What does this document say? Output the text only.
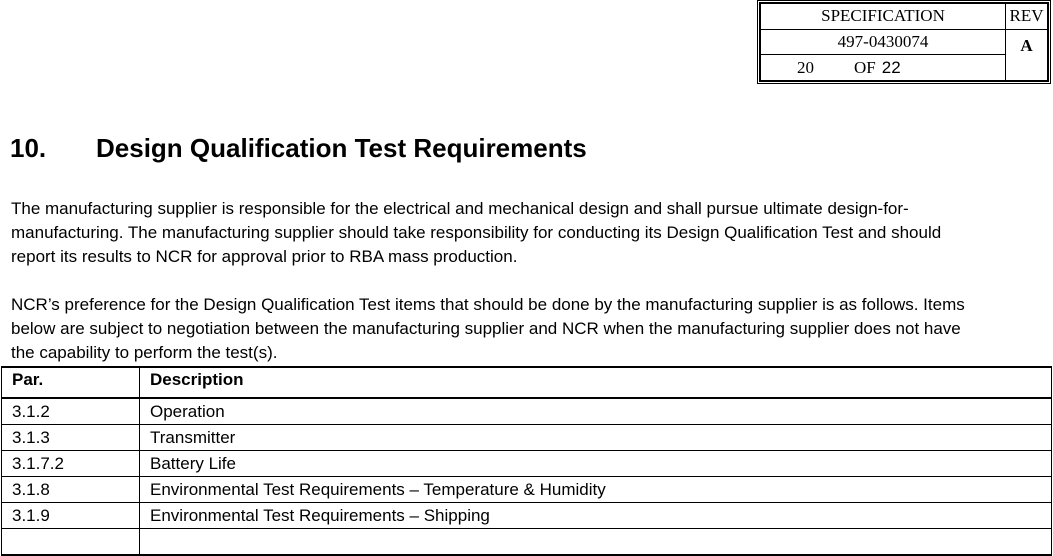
SPECIFICATION	REV
497-0430074	A
20 OF 22	
10. Design Qualification Test Requirements

The manufacturing supplier is responsible for the electrical and mechanical design and shall pursue ultimate design-for-manufacturing. The manufacturing supplier should take responsibility for conducting its Design Qualification Test and should report its results to NCR for approval prior to RBA mass production.

NCR’s preference for the Design Qualification Test items that should be done by the manufacturing supplier is as follows. Items below are subject to negotiation between the manufacturing supplier and NCR when the manufacturing supplier does not have the capability to perform the test(s).

Par.	Description
3.1.2	Operation
3.1.3	Transmitter
3.1.7.2	Battery Life
3.1.8	Environmental Test Requirements – Temperature & Humidity
3.1.9	Environmental Test Requirements – Shipping
